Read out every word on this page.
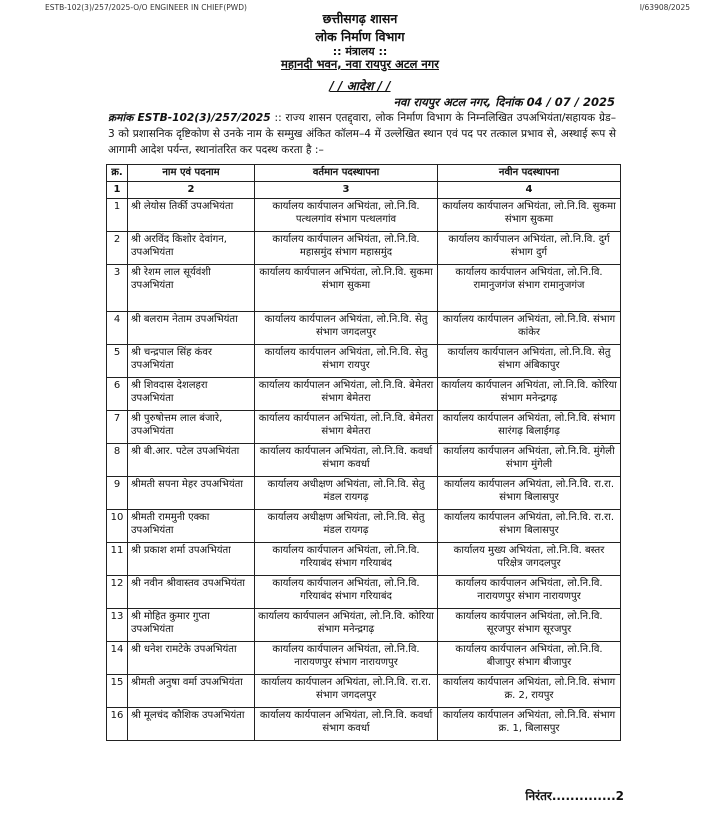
ESTB-102(3)/257/2025-O/O ENGINEER IN CHIEF(PWD)	I/63908/2025
छत्तीसगढ़ शासन
लोक निर्माण विभाग
:: मंत्रालय ::
महानदी भवन, नवा रायपुर अटल नगर
/ / आदेश / /
नवा रायपुर अटल नगर, दिनांक 04 / 07 / 2025
क्रमांक ESTB-102(3)/257/2025 :: राज्य शासन एतद्द्वारा, लोक निर्माण विभाग के निम्नलिखित उपअभियंता/सहायक ग्रेड–3 को प्रशासनिक दृष्टिकोण से उनके नाम के सम्मुख अंकित कॉलम–4 में उल्लेखित स्थान एवं पद पर तत्काल प्रभाव से, अस्थाई रूप से आगामी आदेश पर्यन्त, स्थानांतरित कर पदस्थ करता है :–
क्र.	नाम एवं पदनाम	वर्तमान पदस्थापना	नवीन पदस्थापना
1	2	3	4
1	श्री लेयोस तिर्की उपअभियंता	कार्यालय कार्यपालन अभियंता, लो.नि.वि. पत्थलगांव संभाग पत्थलगांव	कार्यालय कार्यपालन अभियंता, लो.नि.वि. सुकमा संभाग सुकमा
2	श्री अरविंद किशोर देवांगन, उपअभियंता	कार्यालय कार्यपालन अभियंता, लो.नि.वि. महासमुंद संभाग महासमुंद	कार्यालय कार्यपालन अभियंता, लो.नि.वि. दुर्ग संभाग दुर्ग
3	श्री रेशम लाल सूर्यवंशी उपअभियंता	कार्यालय कार्यपालन अभियंता, लो.नि.वि. सुकमा संभाग सुकमा	कार्यालय कार्यपालन अभियंता, लो.नि.वि. रामानुजगंज संभाग रामानुजगंज
4	श्री बलराम नेताम उपअभियंता	कार्यालय कार्यपालन अभियंता, लो.नि.वि. सेतु संभाग जगदलपुर	कार्यालय कार्यपालन अभियंता, लो.नि.वि. संभाग कांकेर
5	श्री चन्द्रपाल सिंह कंवर उपअभियंता	कार्यालय कार्यपालन अभियंता, लो.नि.वि. सेतु संभाग रायपुर	कार्यालय कार्यपालन अभियंता, लो.नि.वि. सेतु संभाग अंबिकापुर
6	श्री शिवदास देशलहरा उपअभियंता	कार्यालय कार्यपालन अभियंता, लो.नि.वि. बेमेतरा संभाग बेमेतरा	कार्यालय कार्यपालन अभियंता, लो.नि.वि. कोरिया संभाग मनेन्द्रगढ़
7	श्री पुरुषोत्तम लाल बंजारे, उपअभियंता	कार्यालय कार्यपालन अभियंता, लो.नि.वि. बेमेतरा संभाग बेमेतरा	कार्यालय कार्यपालन अभियंता, लो.नि.वि. संभाग सारंगढ़ बिलाईगढ़
8	श्री बी.आर. पटेल उपअभियंता	कार्यालय कार्यपालन अभियंता, लो.नि.वि. कवर्धा संभाग कवर्धा	कार्यालय कार्यपालन अभियंता, लो.नि.वि. मुंगेली संभाग मुंगेली
9	श्रीमती सपना मेहर उपअभियंता	कार्यालय अधीक्षण अभियंता, लो.नि.वि. सेतु मंडल रायगढ़	कार्यालय कार्यपालन अभियंता, लो.नि.वि. रा.रा. संभाग बिलासपुर
10	श्रीमती राममुनी एक्का उपअभियंता	कार्यालय अधीक्षण अभियंता, लो.नि.वि. सेतु मंडल रायगढ़	कार्यालय कार्यपालन अभियंता, लो.नि.वि. रा.रा. संभाग बिलासपुर
11	श्री प्रकाश शर्मा उपअभियंता	कार्यालय कार्यपालन अभियंता, लो.नि.वि. गरियाबंद संभाग गरियाबंद	कार्यालय मुख्य अभियंता, लो.नि.वि. बस्तर परिक्षेत्र जगदलपुर
12	श्री नवीन श्रीवास्तव उपअभियंता	कार्यालय कार्यपालन अभियंता, लो.नि.वि. गरियाबंद संभाग गरियाबंद	कार्यालय कार्यपालन अभियंता, लो.नि.वि. नारायणपुर संभाग नारायणपुर
13	श्री मोहित कुमार गुप्ता उपअभियंता	कार्यालय कार्यपालन अभियंता, लो.नि.वि. कोरिया संभाग मनेन्द्रगढ़	कार्यालय कार्यपालन अभियंता, लो.नि.वि. सूरजपुर संभाग सूरजपुर
14	श्री धनेश रामटेके उपअभियंता	कार्यालय कार्यपालन अभियंता, लो.नि.वि. नारायणपुर संभाग नारायणपुर	कार्यालय कार्यपालन अभियंता, लो.नि.वि. बीजापुर संभाग बीजापुर
15	श्रीमती अनुषा वर्मा उपअभियंता	कार्यालय कार्यपालन अभियंता, लो.नि.वि. रा.रा. संभाग जगदलपुर	कार्यालय कार्यपालन अभियंता, लो.नि.वि. संभाग क्र. 2, रायपुर
16	श्री मूलचंद कौशिक उपअभियंता	कार्यालय कार्यपालन अभियंता, लो.नि.वि. कवर्धा संभाग कवर्धा	कार्यालय कार्यपालन अभियंता, लो.नि.वि. संभाग क्र. 1, बिलासपुर
निरंतर..............2
